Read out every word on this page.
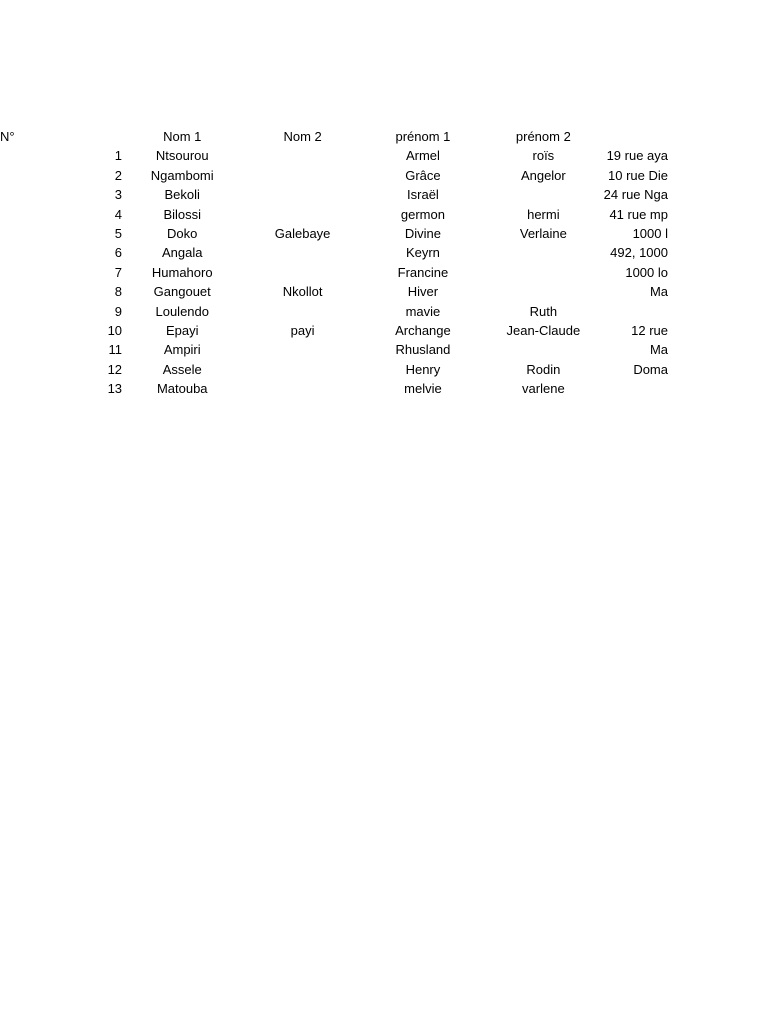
N°		Nom 1	Nom 2	prénom 1	prénom 2	
	1	Ntsourou		Armel	roïs	19 rue aya
	2	Ngambomi		Grâce	Angelor	10 rue Die
	3	Bekoli		Israël		24 rue Nga
	4	Bilossi		germon	hermi	41 rue mp
	5	Doko	Galebaye	Divine	Verlaine	1000 l
	6	Angala		Keyrn		492, 1000
	7	Humahoro		Francine		1000 lo
	8	Gangouet	Nkollot	Hiver		Ma
	9	Loulendo		mavie	Ruth	
	10	Epayi	payi	Archange	Jean-Claude	12 rue
	11	Ampiri		Rhusland		Ma
	12	Assele		Henry	Rodin	Doma
	13	Matouba		melvie	varlene	
